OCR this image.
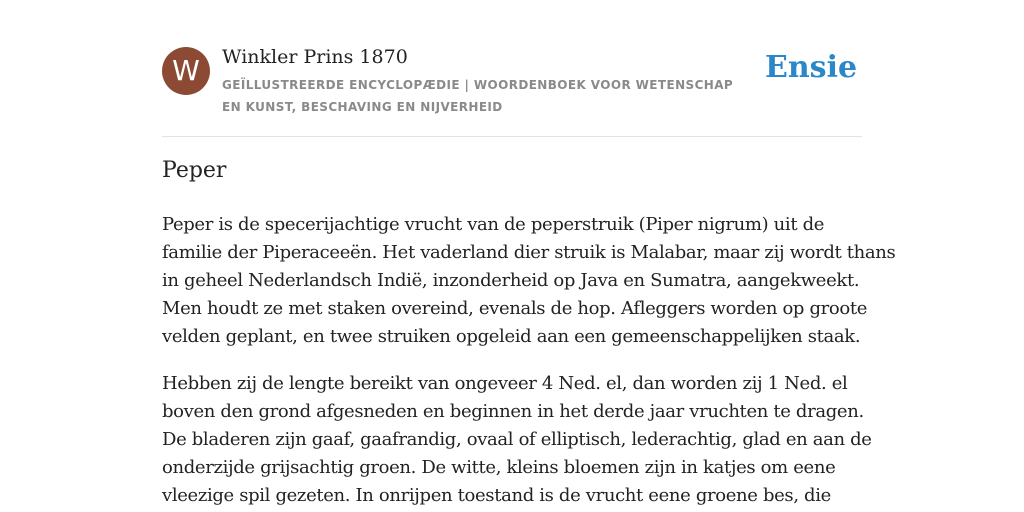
W	Winkler Prins 1870
GEÏLLUSTREERDE ENCYCLOPÆDIE | WOORDENBOEK VOOR WETENSCHAP EN KUNST, BESCHAVING EN NIJVERHEID
Ensie
Peper

Peper is de specerijachtige vrucht van de peperstruik (Piper nigrum) uit de
familie der Piperaceeën. Het vaderland dier struik is Malabar, maar zij wordt thans
in geheel Nederlandsch Indië, inzonderheid op Java en Sumatra, aangekweekt.
Men houdt ze met staken overeind, evenals de hop. Afleggers worden op groote
velden geplant, en twee struiken opgeleid aan een gemeenschappelijken staak.

Hebben zij de lengte bereikt van ongeveer 4 Ned. el, dan worden zij 1 Ned. el
boven den grond afgesneden en beginnen in het derde jaar vruchten te dragen.
De bladeren zijn gaaf, gaafrandig, ovaal of elliptisch, lederachtig, glad en aan de
onderzijde grijsachtig groen. De witte, kleins bloemen zijn in katjes om eene
vleezige spil gezeten. In onrijpen toestand is de vrucht eene groene bes, die
